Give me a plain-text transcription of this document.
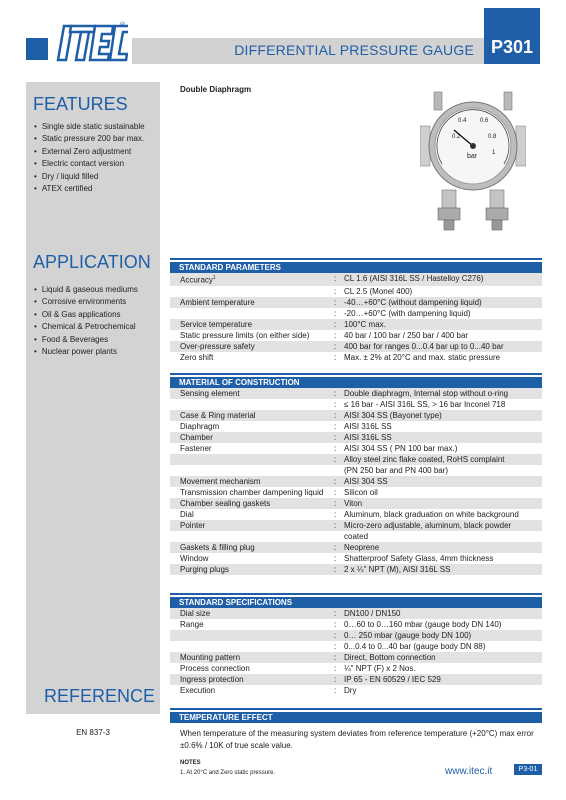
®
DIFFERENTIAL PRESSURE GAUGE P301
FEATURES
• Single side static sustainable
• Static pressure 200 bar max.
• External Zero adjustment
• Electric contact version
• Dry / liquid filled
• ATEX certified
APPLICATION
• Liquid & gaseous mediums
• Corrosive environments
• Oil & Gas applications
• Chemical & Petrochemical
• Food & Beverages
• Nuclear power plants
REFERENCE
EN 837-3
Double Diaphragm
0.2
0.4 0.6
0.8
1
bar
STANDARD PARAMETERS
Accuracy$^1$	: CL 1.6 (AISI 316L SS / Hastelloy C276)
: CL 2.5 (Monel 400)
Ambient temperature	: -40…+60°C (without dampening liquid)
: -20…+60°C (with dampening liquid)
Service temperature	: 100°C max.
Static pressure limits (on either side)	: 40 bar / 100 bar / 250 bar / 400 bar
Over-pressure safety	: 400 bar for ranges 0...0.4 bar up to 0...40 bar
Zero shift	: Max. ± 2% at 20°C and max. static pressure
MATERIAL OF CONSTRUCTION
Sensing element	: Double diaphragm, Internal stop without o-ring
: ≤ 16 bar - AISI 316L SS, > 16 bar Inconel 718
Case & Ring material	: AISI 304 SS (Bayonet type)
Diaphragm	: AISI 316L SS
Chamber	: AISI 316L SS
Fastener	: AISI 304 SS ( PN 100 bar max.)
: Alloy steel zinc flake coated, RoHS complaint
(PN 250 bar and PN 400 bar)
Movement mechanism	: AISI 304 SS
Transmission chamber dampening liquid	: Silicon oil
Chamber sealing gaskets	: Viton
Dial	: Aluminum, black graduation on white background
Pointer	: Micro-zero adjustable, aluminum, black powder
coated
Gaskets & filling plug	: Neoprene
Window	: Shatterproof Safety Glass, 4mm thickness
Purging plugs	: 2 x ¼" NPT (M), AISI 316L SS
STANDARD SPECIFICATIONS
Dial size	: DN100 / DN150
Range	: 0…60 to 0…160 mbar (gauge body DN 140)
: 0… 250 mbar (gauge body DN 100)
: 0...0.4 to 0...40 bar (gauge body DN 88)
Mounting pattern	: Direct, Bottom connection
Process connection	: ¼" NPT (F) x 2 Nos.
Ingress protection	: IP 65 - EN 60529 / IEC 529
Execution	: Dry
TEMPERATURE EFFECT
When temperature of the measuring system deviates from reference temperature (+20°C) max error ±0.6% / 10K of true scale value.
NOTES
1. At 20°C and Zero static pressure.	www.itec.it	P3-01
